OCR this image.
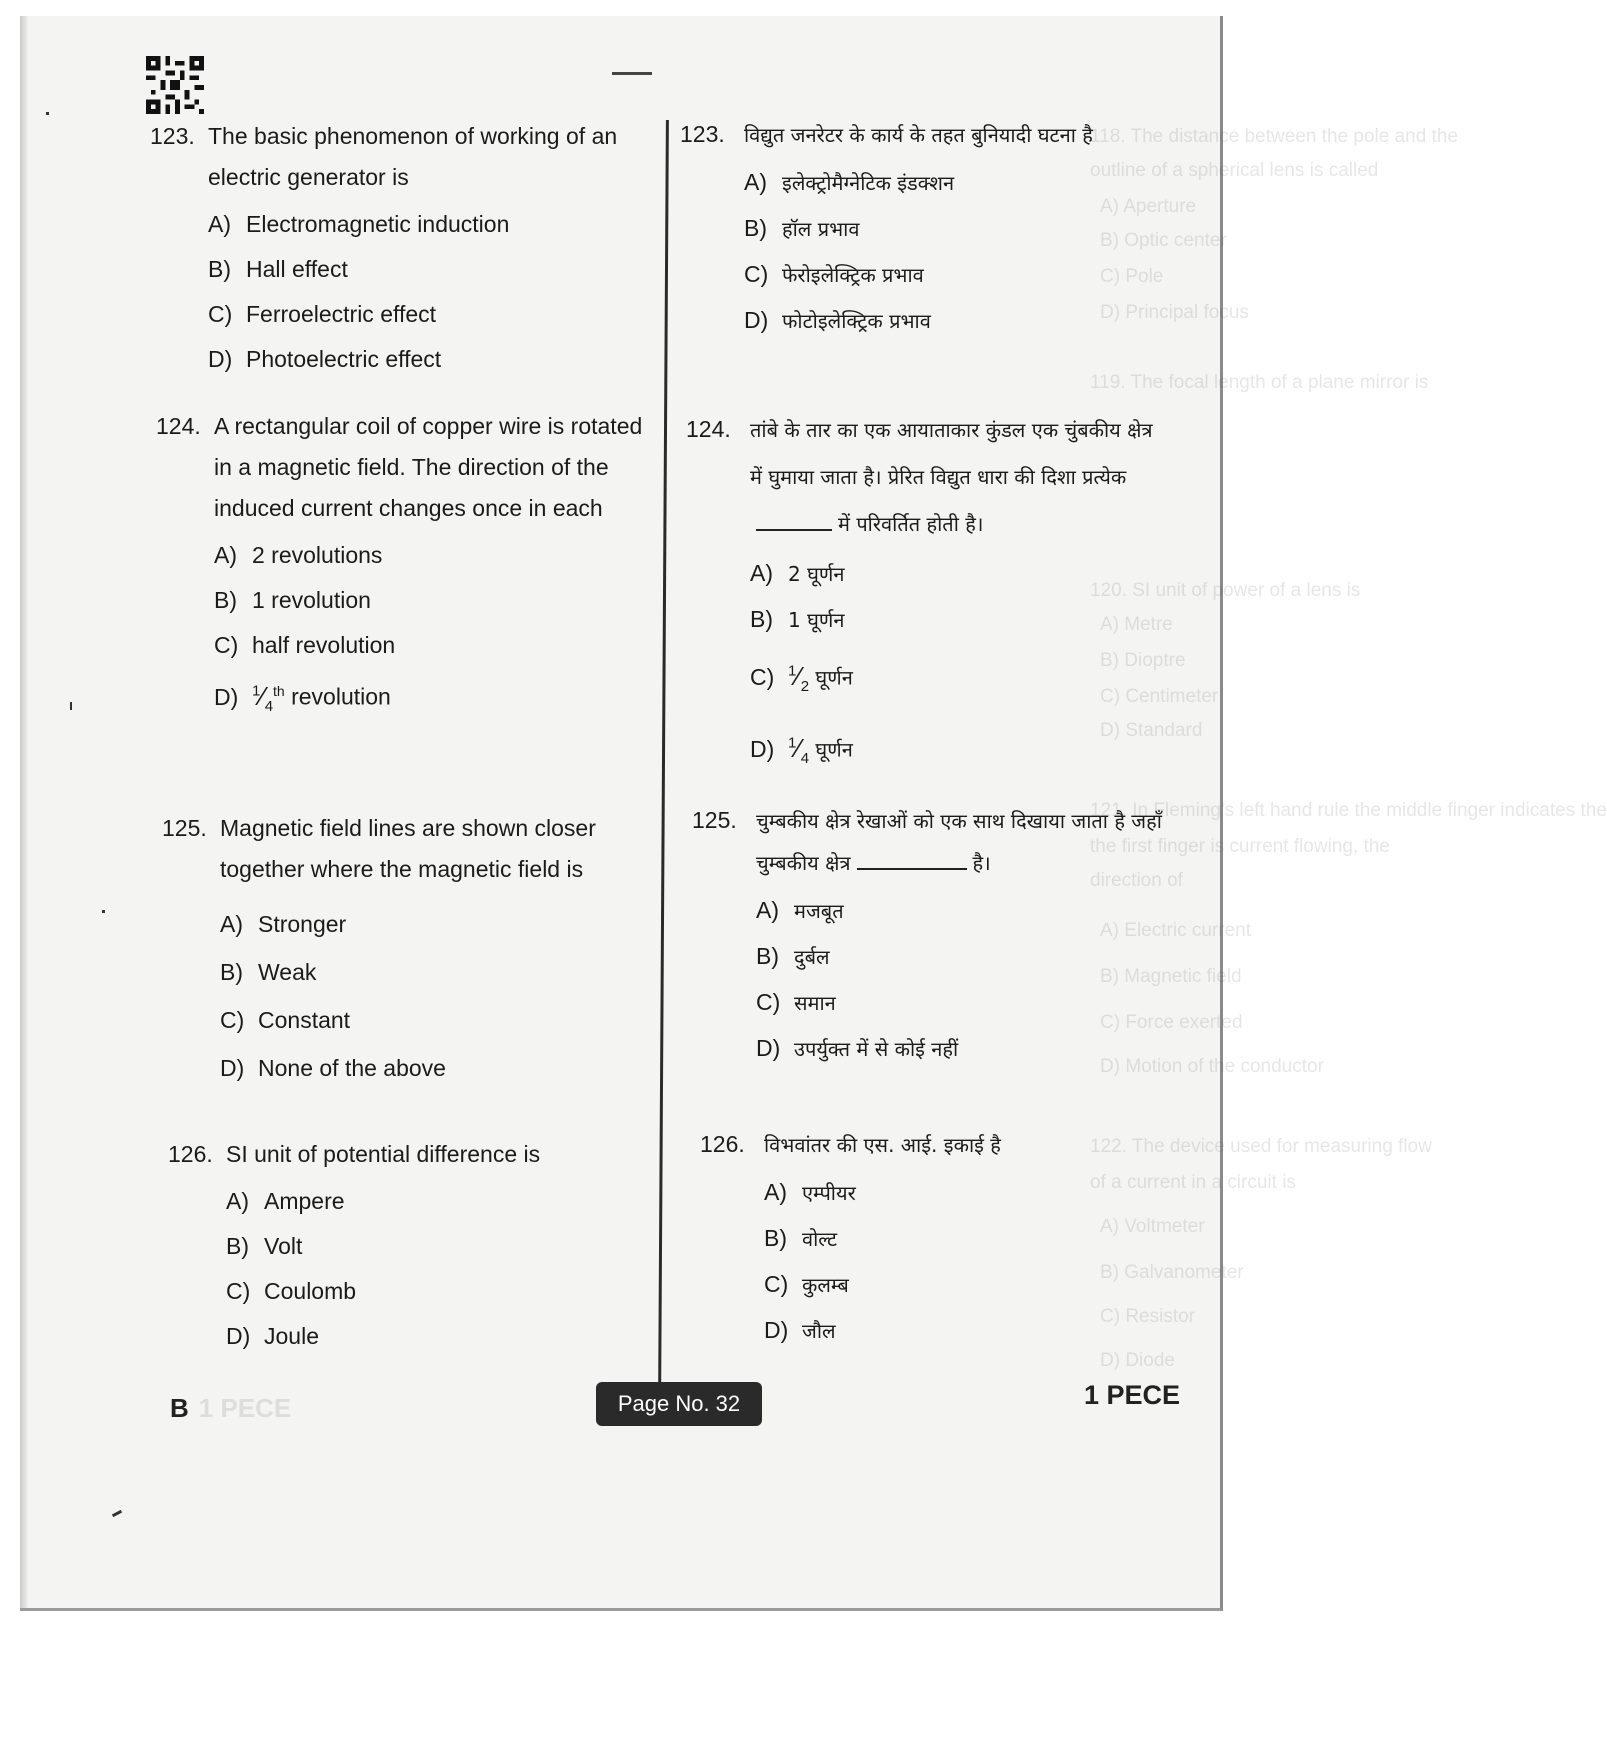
118. The distance between the pole and the
outline of a spherical lens is called
A) Aperture
B) Optic center
C) Pole
D) Principal focus
119. The focal length of a plane mirror is
120. SI unit of power of a lens is
A) Metre
B) Dioptre
C) Centimeter
D) Standard
121. In Fleming's left hand rule the middle finger indicates the
the first finger is current flowing, the
direction of
A) Electric current
B) Magnetic field
C) Force exerted
D) Motion of the conductor
122. The device used for measuring flow
of a current in a circuit is
A) Voltmeter
B) Galvanometer
C) Resistor
D) Diode
123. The basic phenomenon of working of an electric generator is
A) Electromagnetic induction
B) Hall effect
C) Ferroelectric effect
D) Photoelectric effect
124. A rectangular coil of copper wire is rotated in a magnetic field. The direction of the induced current changes once in each
A) 2 revolutions
B) 1 revolution
C) half revolution
D) $^1⁄_4^{th}$ revolution
125. Magnetic field lines are shown closer together where the magnetic field is
A) Stronger
B) Weak
C) Constant
D) None of the above
126. SI unit of potential difference is
A) Ampere
B) Volt
C) Coulomb
D) Joule
123. विद्युत जनरेटर के कार्य के तहत बुनियादी घटना है
A) इलेक्ट्रोमैग्नेटिक इंडक्शन
B) हॉल प्रभाव
C) फेरोइलेक्ट्रिक प्रभाव
D) फोटोइलेक्ट्रिक प्रभाव
124. तांबे के तार का एक आयाताकार कुंडल एक चुंबकीय क्षेत्र में घुमाया जाता है। प्रेरित विद्युत धारा की दिशा प्रत्येकमें परिवर्तित होती है।
A) 2 घूर्णन
B) 1 घूर्णन
C) $^1⁄_2$ घूर्णन
D) $^1⁄_4$ घूर्णन
125. चुम्बकीय क्षेत्र रेखाओं को एक साथ दिखाया जाता है जहाँ चुम्बकीय क्षेत्र	है।
A) मजबूत
B) दुर्बल
C) समान
D) उपर्युक्त में से कोई नहीं
126. विभवांतर की एस. आई. इकाई है
A) एम्पीयर
B) वोल्ट
C) कुलम्ब
D) जौल
B 1 PECE	Page No. 32	1 PECE
